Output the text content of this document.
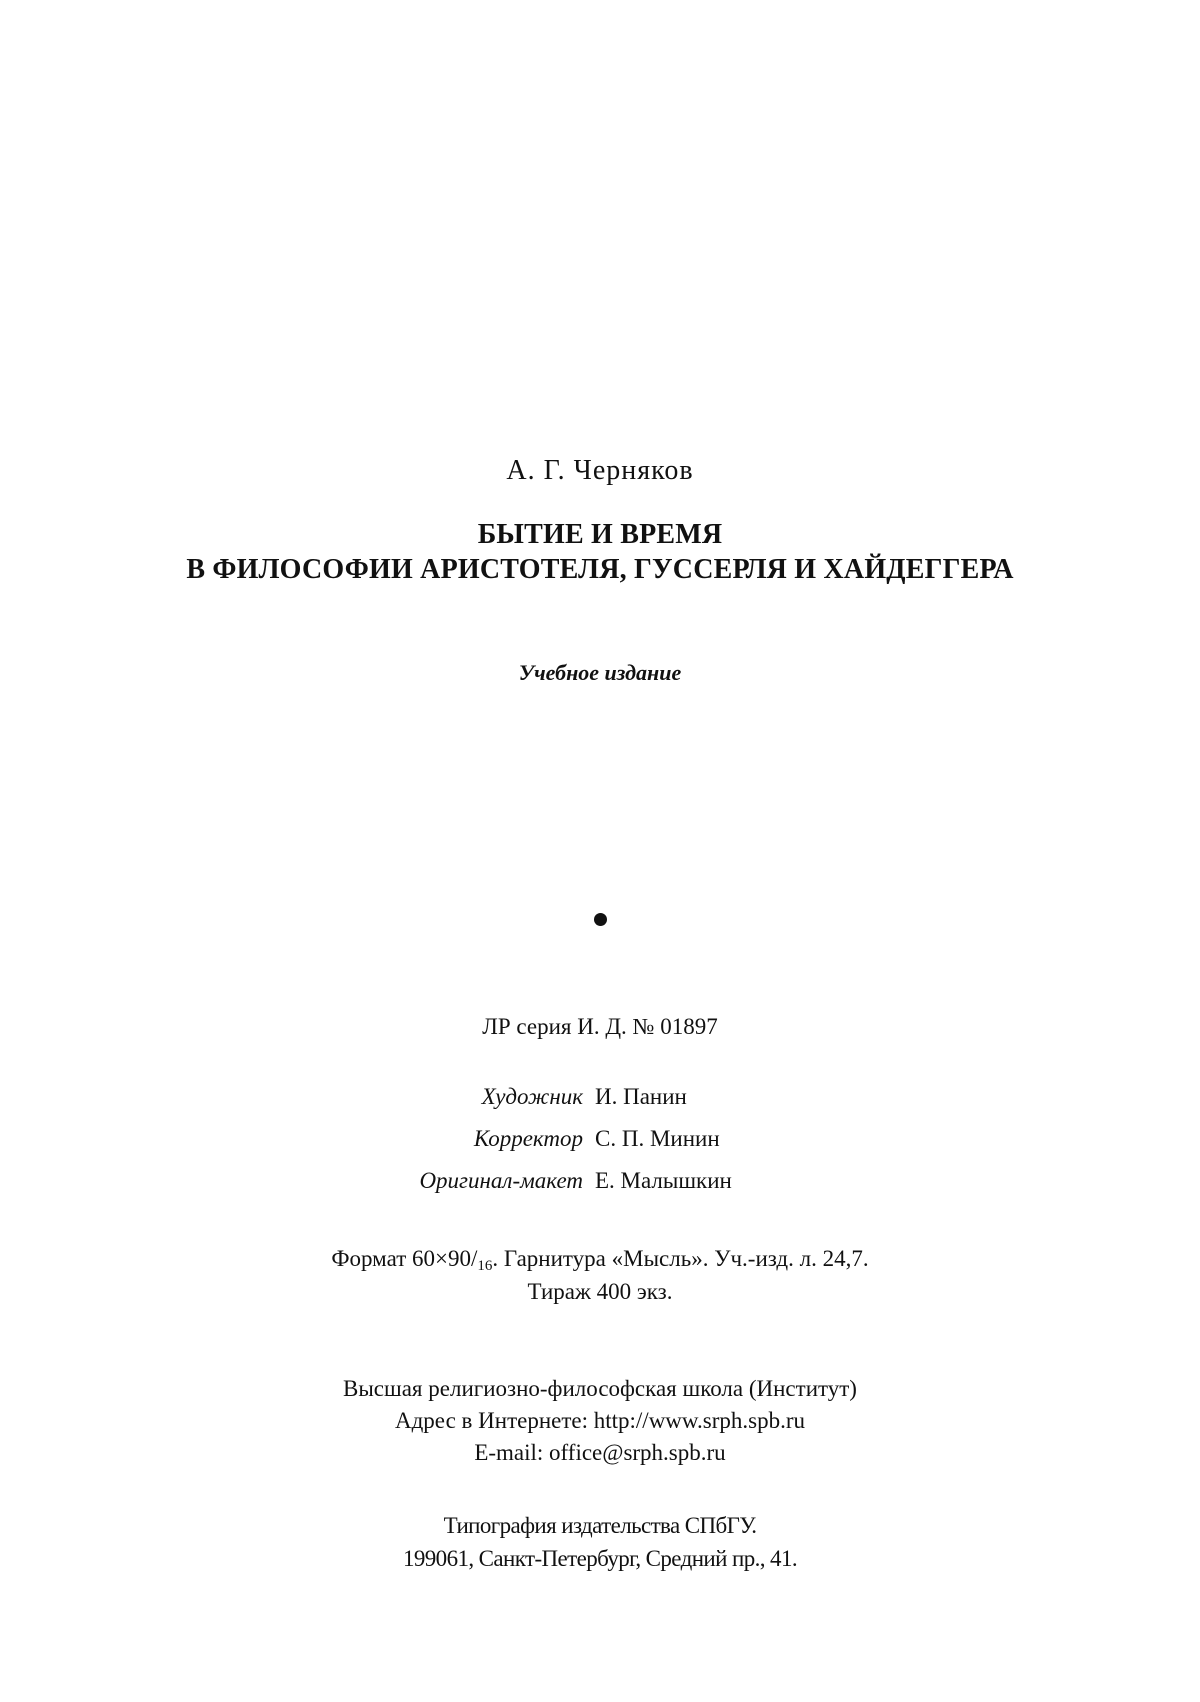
А. Г. Черняков
БЫТИЕ И ВРЕМЯ
В ФИЛОСОФИИ АРИСТОТЕЛЯ, ГУССЕРЛЯ И ХАЙДЕГГЕРА
Учебное издание
ЛР серия И. Д. № 01897
Художник И. Панин
Корректор С. П. Минин
Оригинал-макет Е. Малышкин
Формат $60\times 90/_{16}$. Гарнитура «Мысль». Уч.-изд. л. 24,7.
Тираж 400 экз.
Высшая религиозно-философская школа (Институт)
Адрес в Интернете: http://www.srph.spb.ru
E-mail: office@srph.spb.ru
Типография издательства СПбГУ.
199061, Санкт-Петербург, Средний пр., 41.
